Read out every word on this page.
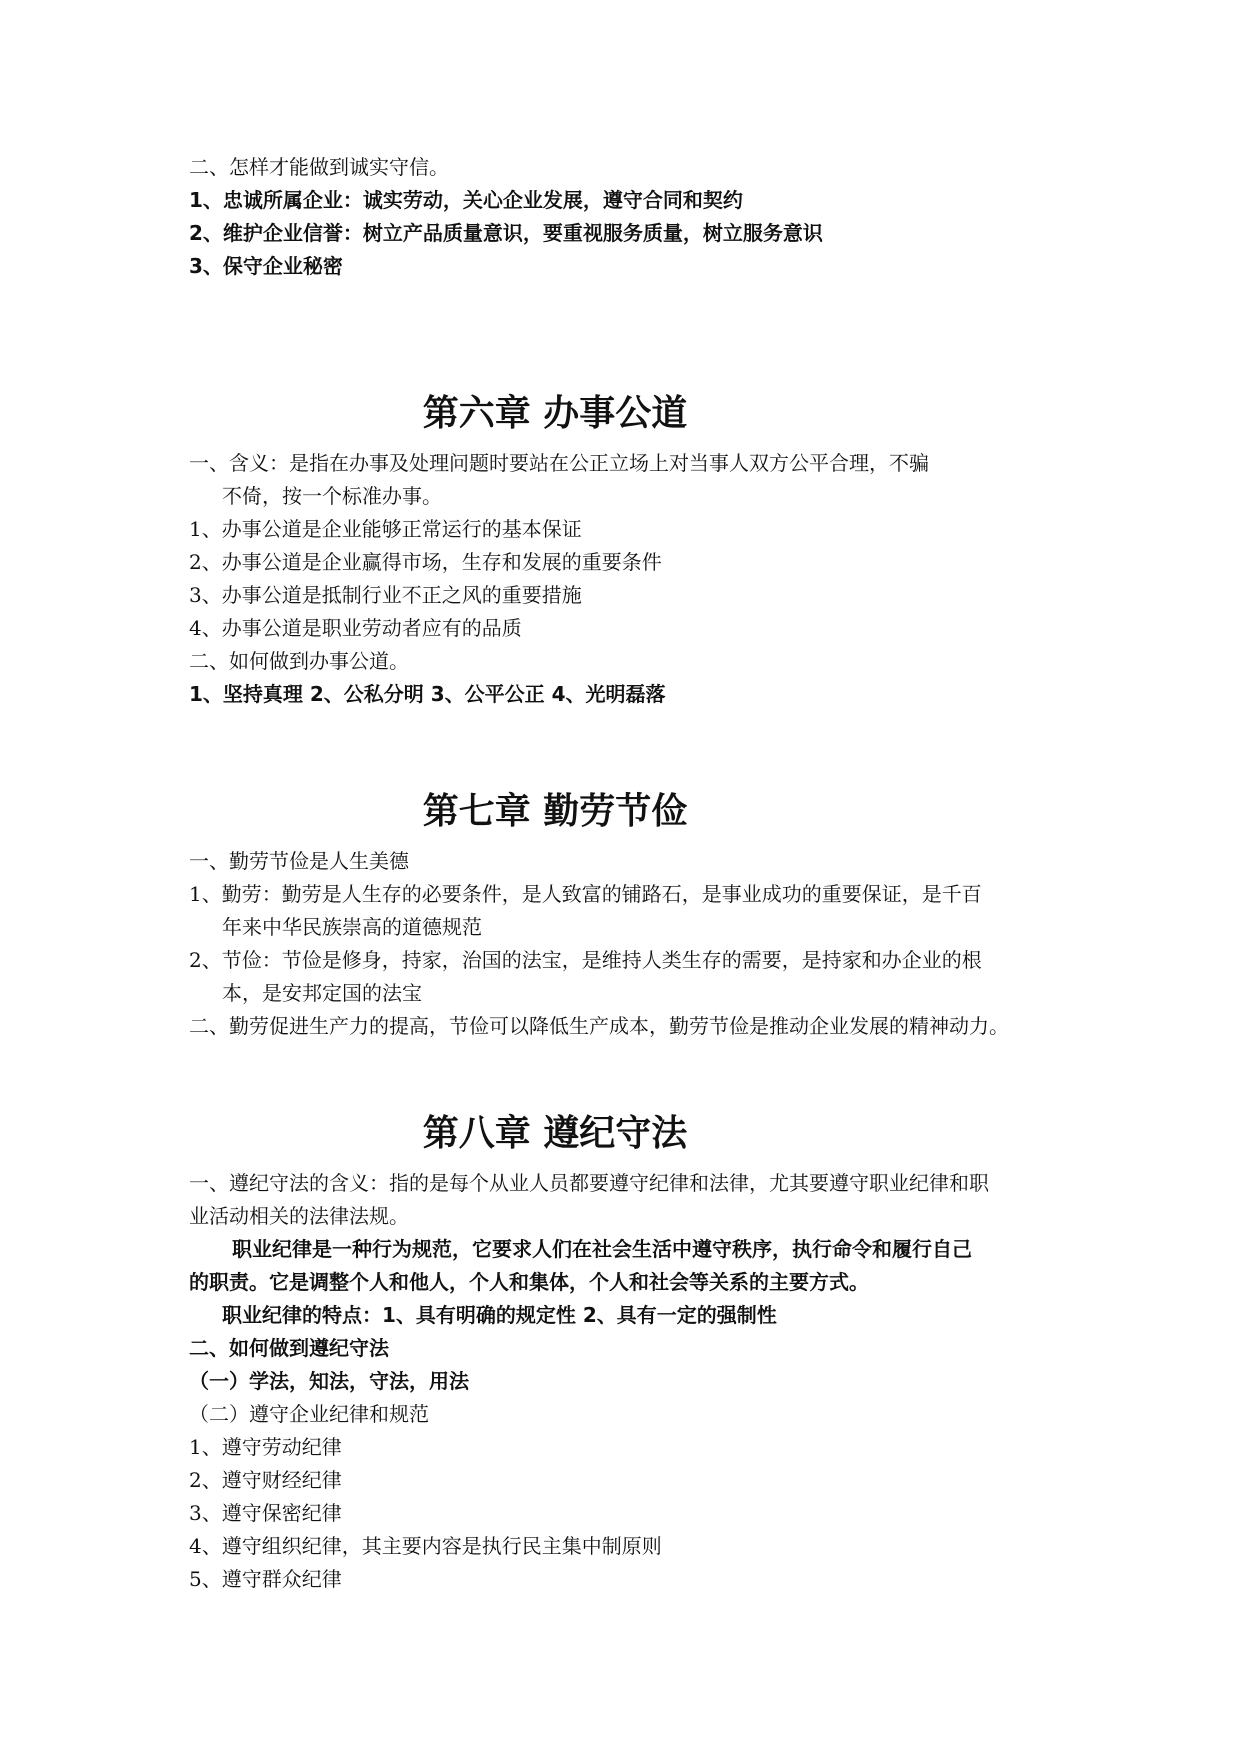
二、怎样才能做到诚实守信。
1、忠诚所属企业：诚实劳动，关心企业发展，遵守合同和契约
2、维护企业信誉：树立产品质量意识，要重视服务质量，树立服务意识
3、保守企业秘密
第六章 办事公道
一、含义：是指在办事及处理问题时要站在公正立场上对当事人双方公平合理，不骗
不倚，按一个标准办事。
1、办事公道是企业能够正常运行的基本保证
2、办事公道是企业赢得市场，生存和发展的重要条件
3、办事公道是抵制行业不正之风的重要措施
4、办事公道是职业劳动者应有的品质
二、如何做到办事公道。
1、坚持真理 2、公私分明 3、公平公正 4、光明磊落
第七章 勤劳节俭
一、勤劳节俭是人生美德
1、勤劳：勤劳是人生存的必要条件，是人致富的铺路石，是事业成功的重要保证，是千百
年来中华民族崇高的道德规范
2、节俭：节俭是修身，持家，治国的法宝，是维持人类生存的需要，是持家和办企业的根
本，是安邦定国的法宝
二、勤劳促进生产力的提高，节俭可以降低生产成本，勤劳节俭是推动企业发展的精神动力。
第八章 遵纪守法
一、遵纪守法的含义：指的是每个从业人员都要遵守纪律和法律，尤其要遵守职业纪律和职
业活动相关的法律法规。
职业纪律是一种行为规范，它要求人们在社会生活中遵守秩序，执行命令和履行自己
的职责。它是调整个人和他人，个人和集体，个人和社会等关系的主要方式。
职业纪律的特点：1、具有明确的规定性 2、具有一定的强制性
二、如何做到遵纪守法
（一）学法，知法，守法，用法
（二）遵守企业纪律和规范
1、遵守劳动纪律
2、遵守财经纪律
3、遵守保密纪律
4、遵守组织纪律，其主要内容是执行民主集中制原则
5、遵守群众纪律
